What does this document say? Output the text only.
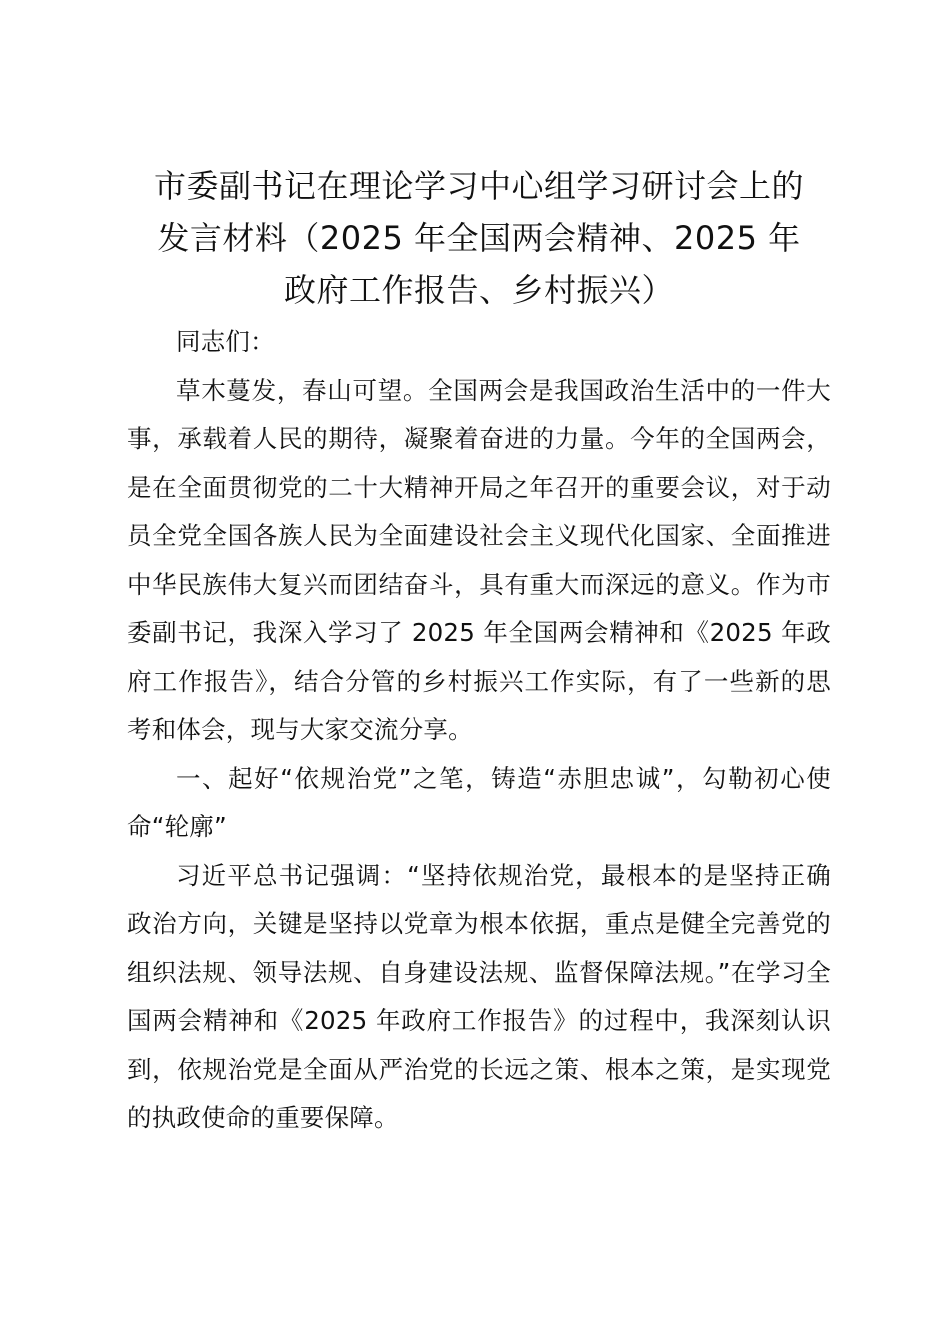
市委副书记在理论学习中心组学习研讨会上的
发言材料（2025 年全国两会精神、2025 年
政府工作报告、乡村振兴）

同志们：

草木蔓发，春山可望。全国两会是我国政治生活中的一件大事，承载着人民的期待，凝聚着奋进的力量。今年的全国两会，是在全面贯彻党的二十大精神开局之年召开的重要会议，对于动员全党全国各族人民为全面建设社会主义现代化国家、全面推进中华民族伟大复兴而团结奋斗，具有重大而深远的意义。作为市委副书记，我深入学习了 2025 年全国两会精神和《2025 年政府工作报告》，结合分管的乡村振兴工作实际，有了一些新的思考和体会，现与大家交流分享。

一、起好“依规治党”之笔，铸造“赤胆忠诚”，勾勒初心使命“轮廓”

习近平总书记强调：“坚持依规治党，最根本的是坚持正确政治方向，关键是坚持以党章为根本依据，重点是健全完善党的组织法规、领导法规、自身建设法规、监督保障法规。”在学习全国两会精神和《2025 年政府工作报告》的过程中，我深刻认识到，依规治党是全面从严治党的长远之策、根本之策，是实现党的执政使命的重要保障。
